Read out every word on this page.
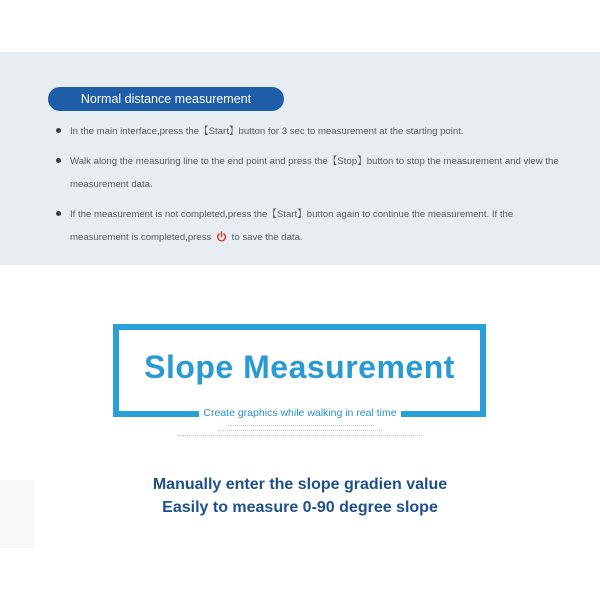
Normal distance measurement
In the main interface,press the【Start】button for 3 sec to measurement at the starting point.
Walk along the measuring line to the end point and press the【Stop】button to stop the measurement and view the measurement data.
If the measurement is not completed,press the【Start】button again to continue the measurement. If the measurement is completed,press to save the data.
Slope Measurement
Create graphics while walking in real time
Manually enter the slope gradien value
Easily to measure 0-90 degree slope
